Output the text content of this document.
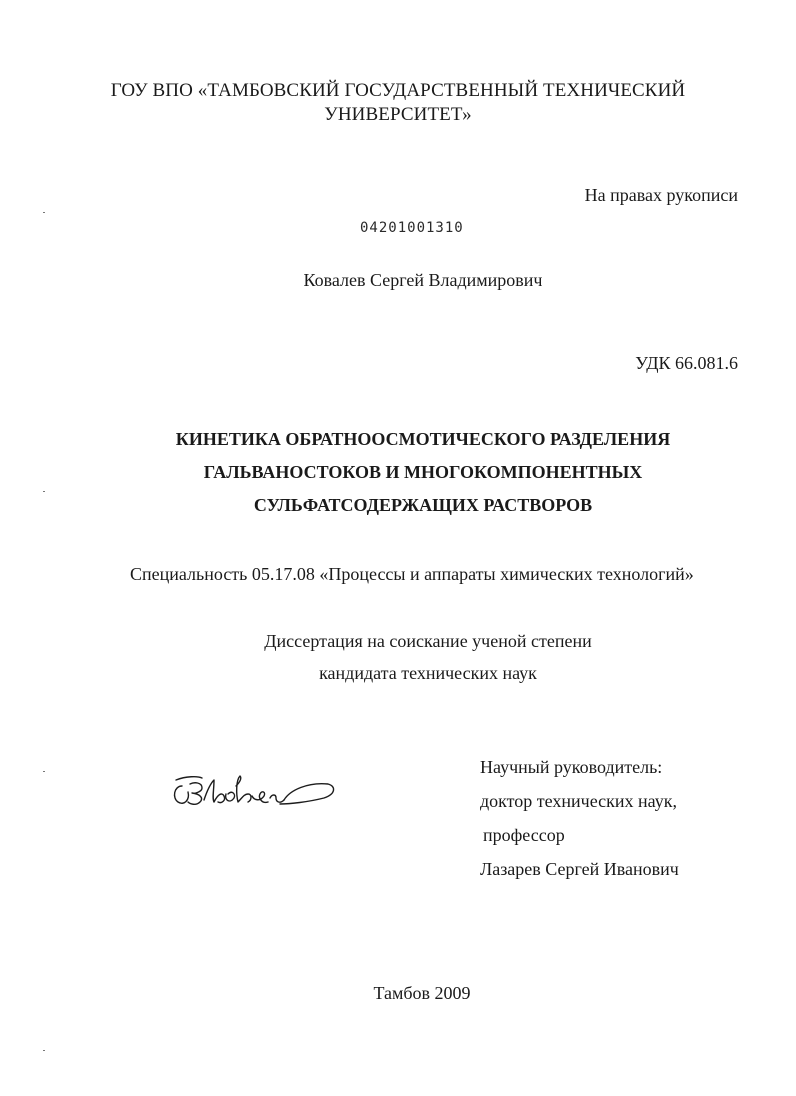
ГОУ ВПО «ТАМБОВСКИЙ ГОСУДАРСТВЕННЫЙ ТЕХНИЧЕСКИЙ
УНИВЕРСИТЕТ»
На правах рукописи
04201001310
Ковалев Сергей Владимирович
УДК 66.081.6
КИНЕТИКА ОБРАТНООСМОТИЧЕСКОГО РАЗДЕЛЕНИЯ
ГАЛЬВАНОСТОКОВ И МНОГОКОМПОНЕНТНЫХ
СУЛЬФАТСОДЕРЖАЩИХ РАСТВОРОВ
Специальность 05.17.08 «Процессы и аппараты химических технологий»
Диссертация на соискание ученой степени
кандидата технических наук
Научный руководитель:
доктор технических наук,
профессор
Лазарев Сергей Иванович
Тамбов 2009
